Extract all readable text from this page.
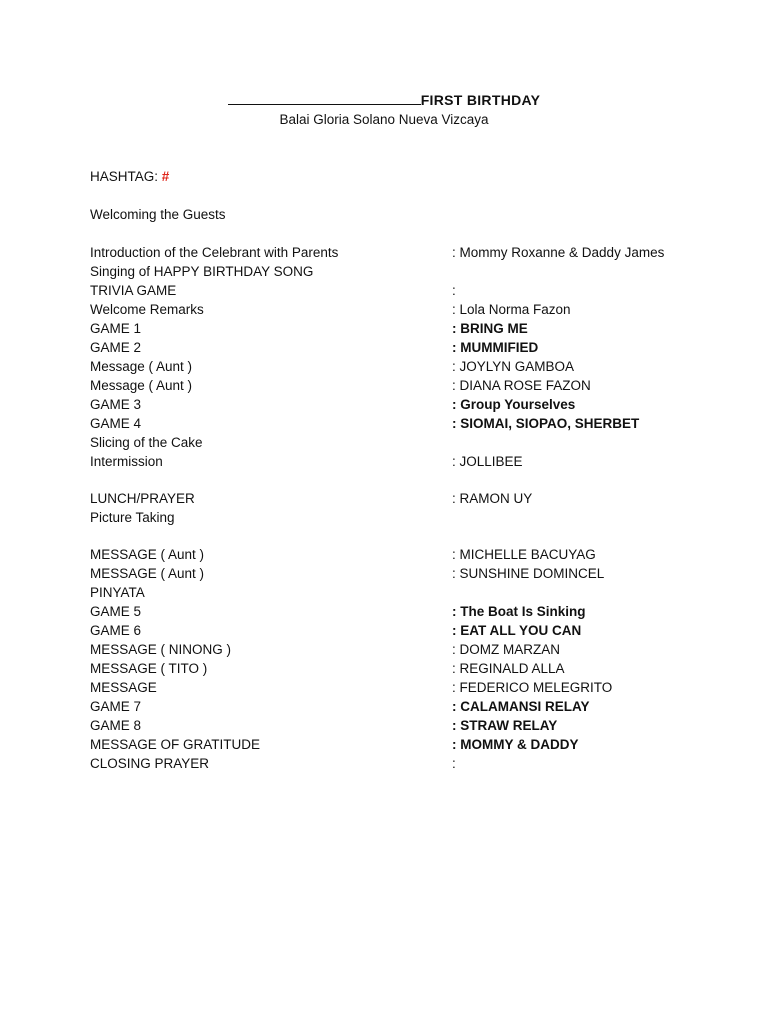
FIRST BIRTHDAY
Balai Gloria Solano Nueva Vizcaya
HASHTAG: #
Welcoming the Guests
Introduction of the Celebrant with Parents	: Mommy Roxanne & Daddy James
Singing of HAPPY BIRTHDAY SONG
TRIVIA GAME	:
Welcome Remarks	: Lola Norma Fazon
GAME 1	: BRING ME
GAME 2	: MUMMIFIED
Message ( Aunt )	: JOYLYN GAMBOA
Message ( Aunt )	: DIANA ROSE FAZON
GAME 3	: Group Yourselves
GAME 4	: SIOMAI, SIOPAO, SHERBET
Slicing of the Cake
Intermission	: JOLLIBEE
LUNCH/PRAYER	: RAMON UY
Picture Taking
MESSAGE ( Aunt )	: MICHELLE BACUYAG
MESSAGE ( Aunt )	: SUNSHINE DOMINCEL
PINYATA
GAME 5	: The Boat Is Sinking
GAME 6	: EAT ALL YOU CAN
MESSAGE ( NINONG )	: DOMZ MARZAN
MESSAGE ( TITO )	: REGINALD ALLA
MESSAGE	: FEDERICO MELEGRITO
GAME 7	: CALAMANSI RELAY
GAME 8	: STRAW RELAY
MESSAGE OF GRATITUDE	: MOMMY & DADDY
CLOSING PRAYER	:
